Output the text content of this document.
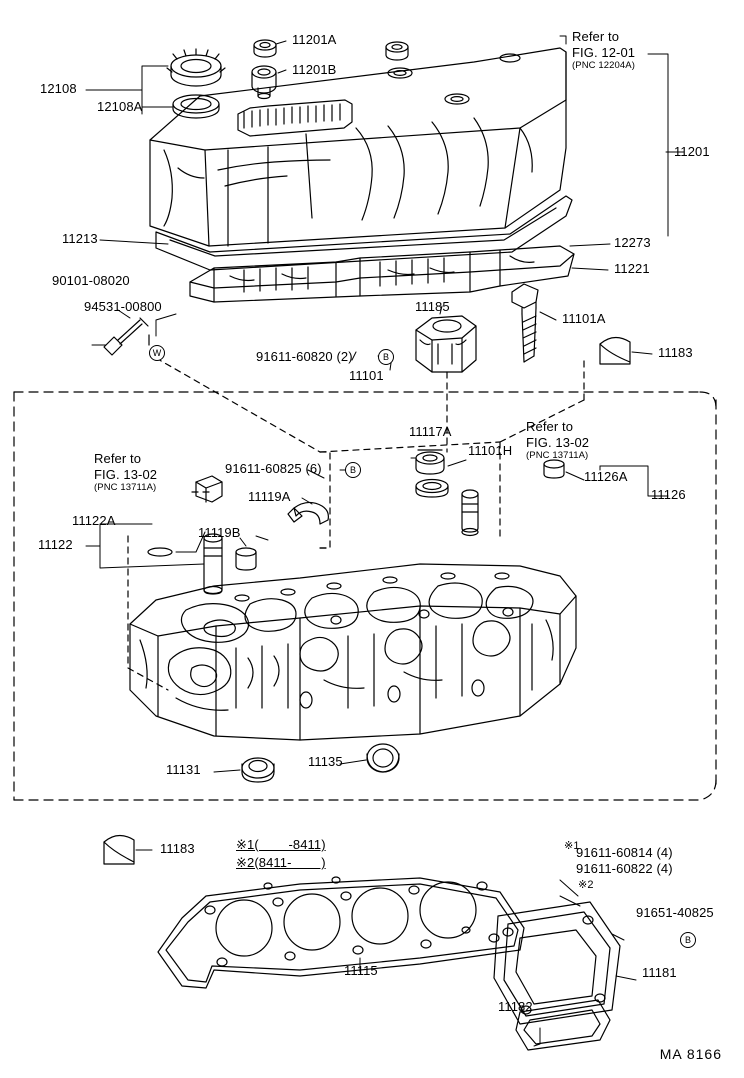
11201A
11201B
12108
12108A
11213
90101-08020
94531-00800
11201
12273
11221
11185
11101A
11183
91611-60820 (2)
11101
11117A
11101H
91611-60825 (6)
11119A
11119B
11122A
11122
11126A
11126
11131
11135
11183
11115	11181
11182
91611-60814 (4)
91611-60822 (4)
91651-40825
※1
※2
※1(        -8411)
※2(8411-        )
Refer to
FIG. 12-01
(PNC 12204A)
Refer to
FIG. 13-02
(PNC 13711A)
Refer to
FIG. 13-02
(PNC 13711A)
B
B
B
W
MA 8166
